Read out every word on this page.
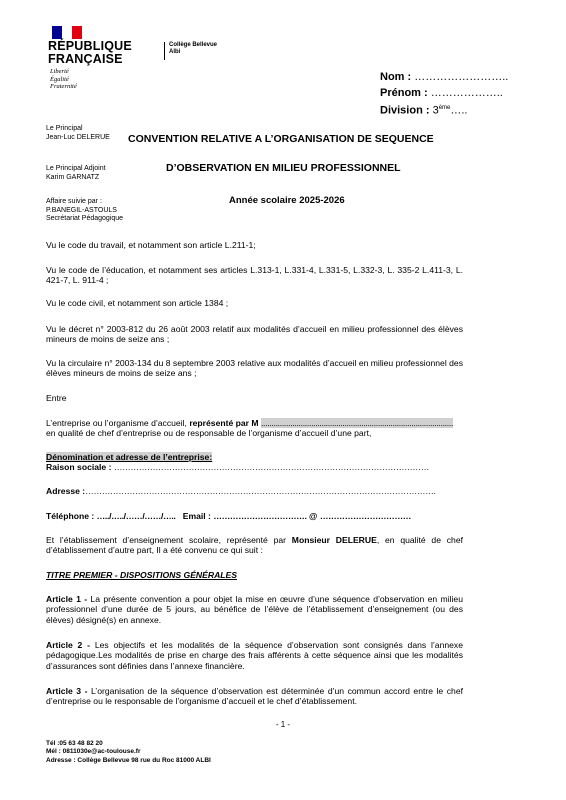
RÉPUBLIQUE
FRANÇAISE
Liberté
Égalité
Fraternité
Collège Bellevue
Albi
Nom : ……………………..
Prénom : ………………..
Division : 3ème…..
Le Principal
Jean-Luc DELERUE
Le Principal Adjoint
Karim GARNATZ
Affaire suivie par :
P.BANEGIL-ASTOULS
Secrétariat Pédagogique
CONVENTION RELATIVE A L’ORGANISATION DE SEQUENCE
D’OBSERVATION EN MILIEU PROFESSIONNEL
Année scolaire 2025-2026
Vu le code du travail, et notamment son article L.211-1;
Vu le code de l’éducation, et notamment ses articles L.313-1, L.331-4, L.331-5, L.332-3, L. 335-2 L.411-3, L. 421-7, L. 911-4 ;
Vu le code civil, et notamment son article 1384 ;
Vu le décret n° 2003-812 du 26 août 2003 relatif aux modalités d’accueil en milieu professionnel des élèves mineurs de moins de seize ans ;
Vu la circulaire n° 2003-134 du 8 septembre 2003 relative aux modalités d’accueil en milieu professionnel des élèves mineurs de moins de seize ans ;
Entre

L’entreprise ou l’organisme d’accueil, représenté par M ............................................................................................

en qualité de chef d’entreprise ou de responsable de l’organisme d’accueil d’une part,

Dénomination et adresse de l’entreprise:

Raison sociale : ……………………………………………………………………………………………………

Adresse :……………………………………………………………………………………………………………….
Téléphone : …../…../……/……/….. Email : ……………………………. @ ……………………………

Et l’établissement d’enseignement scolaire, représenté par Monsieur DELERUE, en qualité de chef d’établissement d’autre part, Il a été convenu ce qui suit :

TITRE PREMIER - DISPOSITIONS GÉNÉRALES

Article 1 - La présente convention a pour objet la mise en œuvre d’une séquence d’observation en milieu professionnel d’une durée de 5 jours, au bénéfice de l’élève de l’établissement d’enseignement (ou des élèves) désigné(s) en annexe.

Article 2 - Les objectifs et les modalités de la séquence d’observation sont consignés dans l’annexe pédagogique.Les modalités de prise en charge des frais afférents à cette séquence ainsi que les modalités d’assurances sont définies dans l’annexe financière.

Article 3 - L’organisation de la séquence d’observation est déterminée d’un commun accord entre le chef d’entreprise ou le responsable de l’organisme d’accueil et le chef d’établissement.

- 1 -
Tél :05 63 48 82 20
Mél : 0811030e@ac-toulouse.fr
Adresse : Collège Bellevue 98 rue du Roc 81000 ALBI
